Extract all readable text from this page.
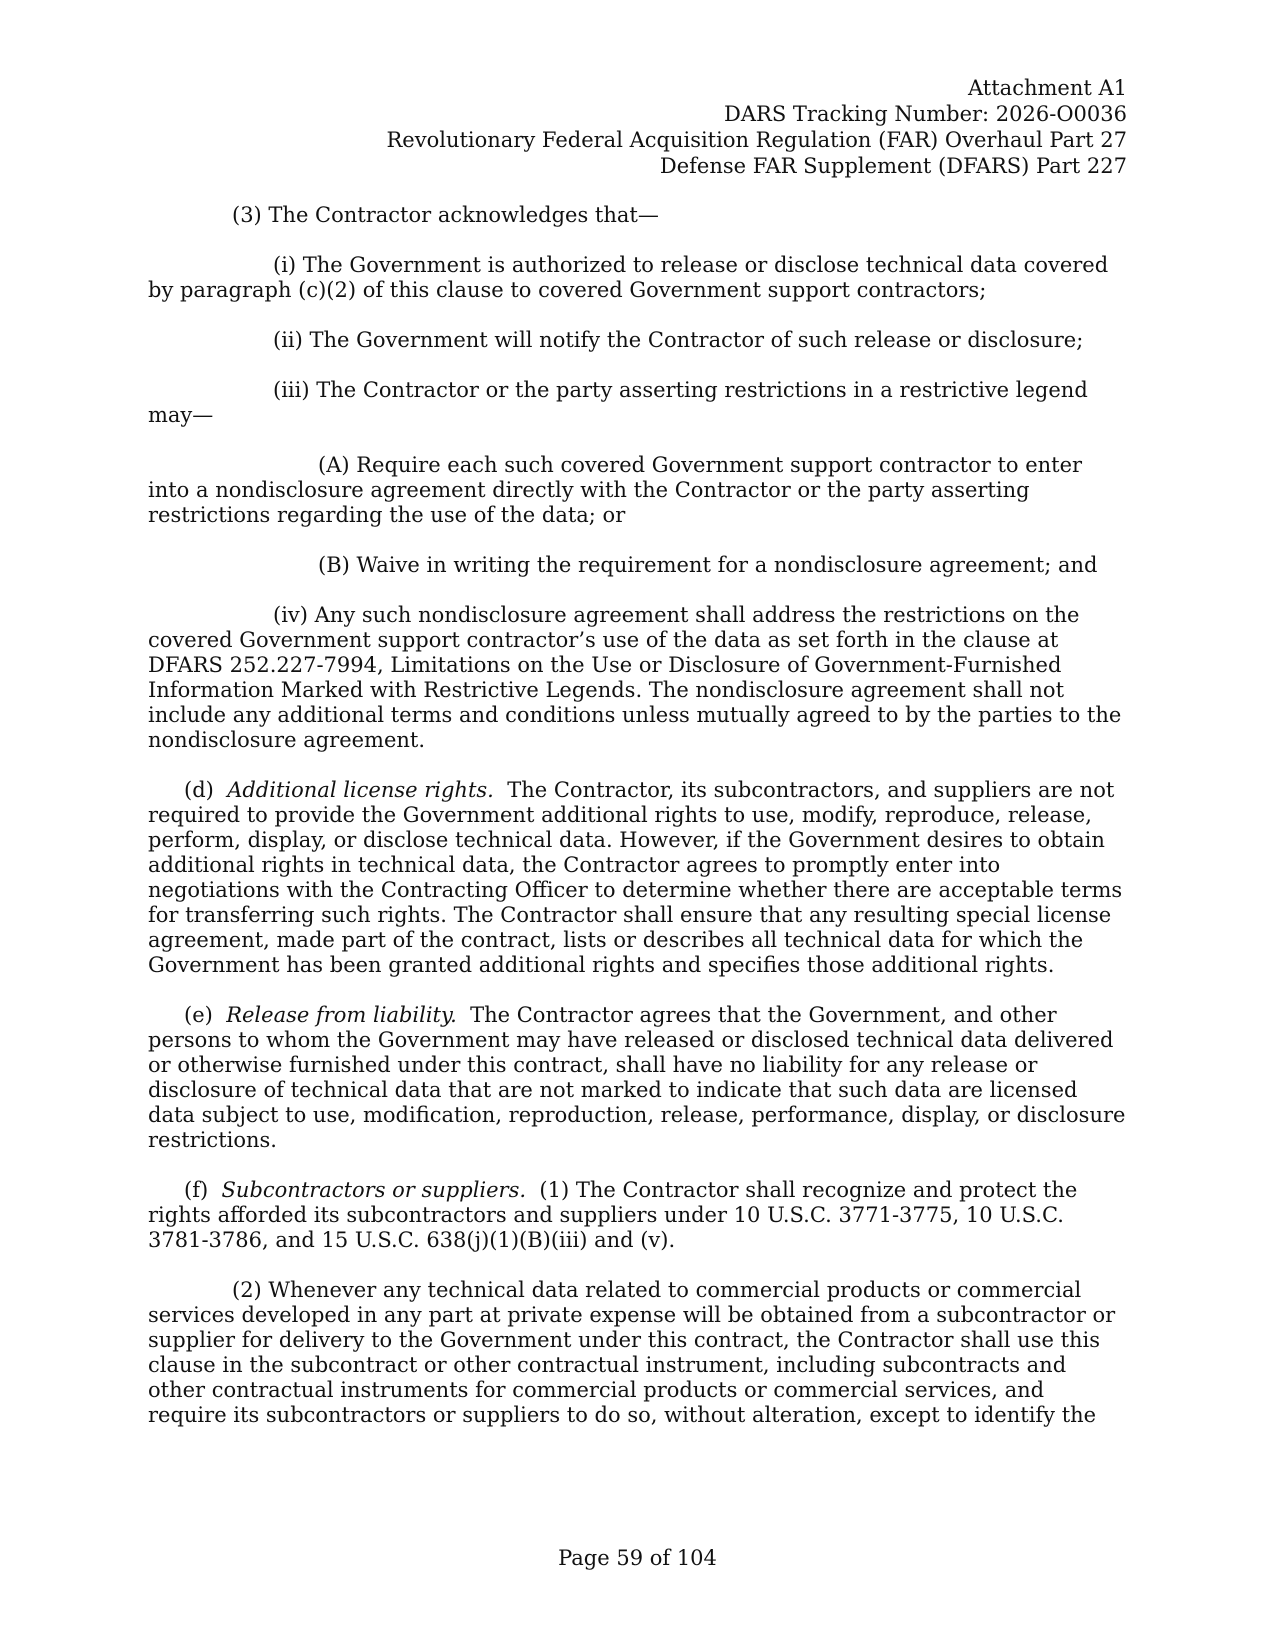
Attachment A1
DARS Tracking Number: 2026-O0036
Revolutionary Federal Acquisition Regulation (FAR) Overhaul Part 27
Defense FAR Supplement (DFARS) Part 227

(3) The Contractor acknowledges that—

(i) The Government is authorized to release or disclose technical data covered by paragraph (c)(2) of this clause to covered Government support contractors;

(ii) The Government will notify the Contractor of such release or disclosure;

(iii) The Contractor or the party asserting restrictions in a restrictive legend may—

(A) Require each such covered Government support contractor to enter into a nondisclosure agreement directly with the Contractor or the party asserting restrictions regarding the use of the data; or

(B) Waive in writing the requirement for a nondisclosure agreement; and

(iv) Any such nondisclosure agreement shall address the restrictions on the covered Government support contractor’s use of the data as set forth in the clause at DFARS 252.227-7994, Limitations on the Use or Disclosure of Government-Furnished Information Marked with Restrictive Legends. The nondisclosure agreement shall not include any additional terms and conditions unless mutually agreed to by the parties to the nondisclosure agreement.

(d) Additional license rights. The Contractor, its subcontractors, and suppliers are not required to provide the Government additional rights to use, modify, reproduce, release, perform, display, or disclose technical data. However, if the Government desires to obtain additional rights in technical data, the Contractor agrees to promptly enter into negotiations with the Contracting Officer to determine whether there are acceptable terms for transferring such rights. The Contractor shall ensure that any resulting special license agreement, made part of the contract, lists or describes all technical data for which the Government has been granted additional rights and specifies those additional rights.

(e) Release from liability. The Contractor agrees that the Government, and other persons to whom the Government may have released or disclosed technical data delivered or otherwise furnished under this contract, shall have no liability for any release or disclosure of technical data that are not marked to indicate that such data are licensed data subject to use, modification, reproduction, release, performance, display, or disclosure restrictions.

(f) Subcontractors or suppliers. (1) The Contractor shall recognize and protect the rights afforded its subcontractors and suppliers under 10 U.S.C. 3771-3775, 10 U.S.C. 3781-3786, and 15 U.S.C. 638(j)(1)(B)(iii) and (v).

(2) Whenever any technical data related to commercial products or commercial services developed in any part at private expense will be obtained from a subcontractor or supplier for delivery to the Government under this contract, the Contractor shall use this clause in the subcontract or other contractual instrument, including subcontracts and other contractual instruments for commercial products or commercial services, and require its subcontractors or suppliers to do so, without alteration, except to identify the

Page 59 of 104
